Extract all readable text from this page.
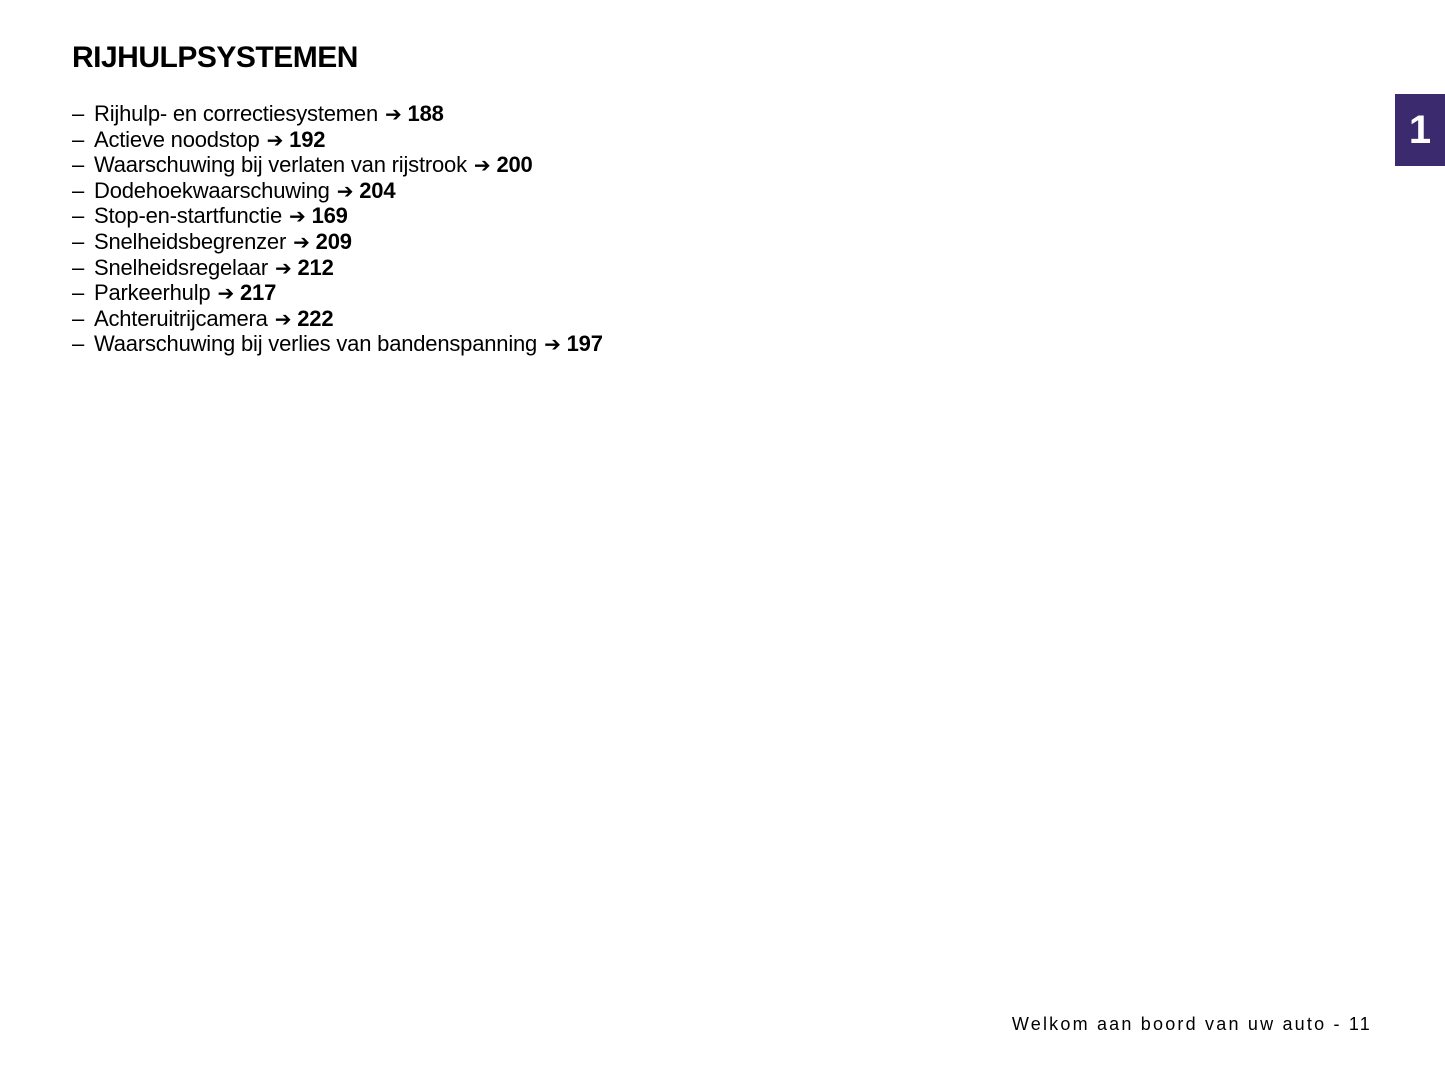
RIJHULPSYSTEMEN
– Rijhulp- en correctiesystemen ➔ 188
– Actieve noodstop ➔ 192
– Waarschuwing bij verlaten van rijstrook ➔ 200
– Dodehoekwaarschuwing ➔ 204
– Stop-en-startfunctie ➔ 169
– Snelheidsbegrenzer ➔ 209
– Snelheidsregelaar ➔ 212
– Parkeerhulp ➔ 217
– Achteruitrijcamera ➔ 222
– Waarschuwing bij verlies van bandenspanning ➔ 197
1
Welkom aan boord van uw auto - 11
